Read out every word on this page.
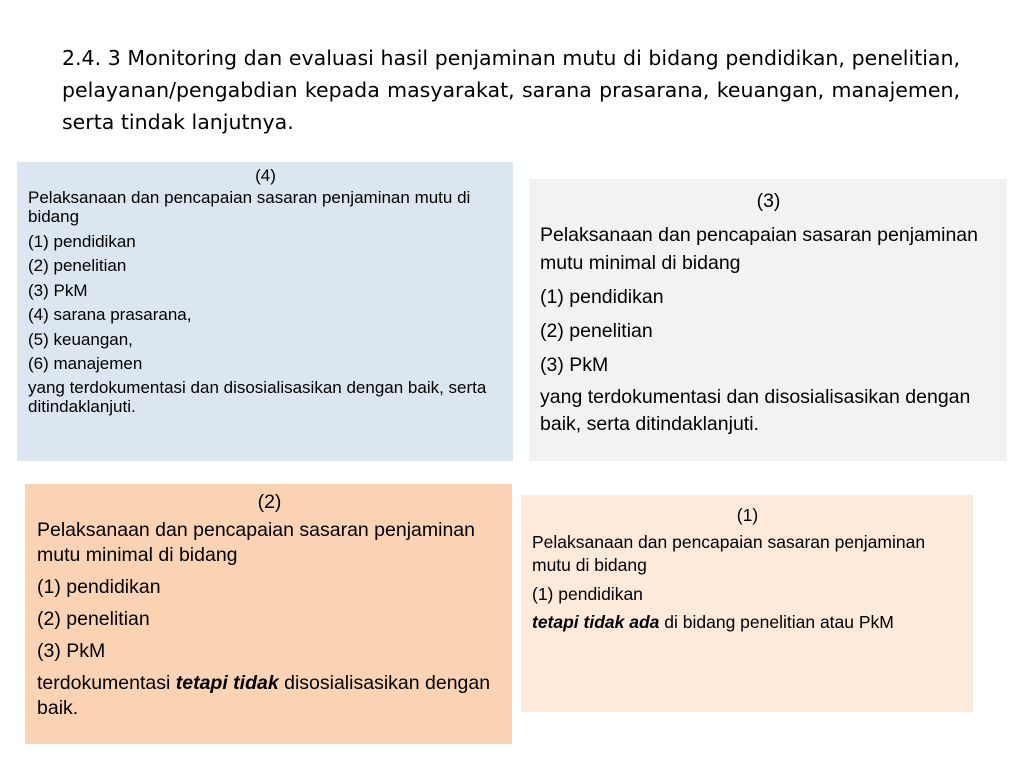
2.4. 3 Monitoring dan evaluasi hasil penjaminan mutu di bidang pendidikan, penelitian, pelayanan/pengabdian kepada masyarakat, sarana prasarana, keuangan, manajemen, serta tindak lanjutnya.
(4)

Pelaksanaan dan pencapaian sasaran penjaminan mutu di bidang

(1) pendidikan

(2) penelitian

(3) PkM

(4) sarana prasarana,

(5) keuangan,

(6) manajemen

yang terdokumentasi dan disosialisasikan dengan baik, serta ditindaklanjuti.

(3)

Pelaksanaan dan pencapaian sasaran penjaminan mutu minimal di bidang

(1) pendidikan

(2) penelitian

(3) PkM

yang terdokumentasi dan disosialisasikan dengan baik, serta ditindaklanjuti.

(2)

Pelaksanaan dan pencapaian sasaran penjaminan mutu minimal di bidang

(1) pendidikan

(2) penelitian

(3) PkM

terdokumentasi tetapi tidak disosialisasikan dengan baik.

(1)

Pelaksanaan dan pencapaian sasaran penjaminan mutu di bidang

(1) pendidikan

tetapi tidak ada di bidang penelitian atau PkM
